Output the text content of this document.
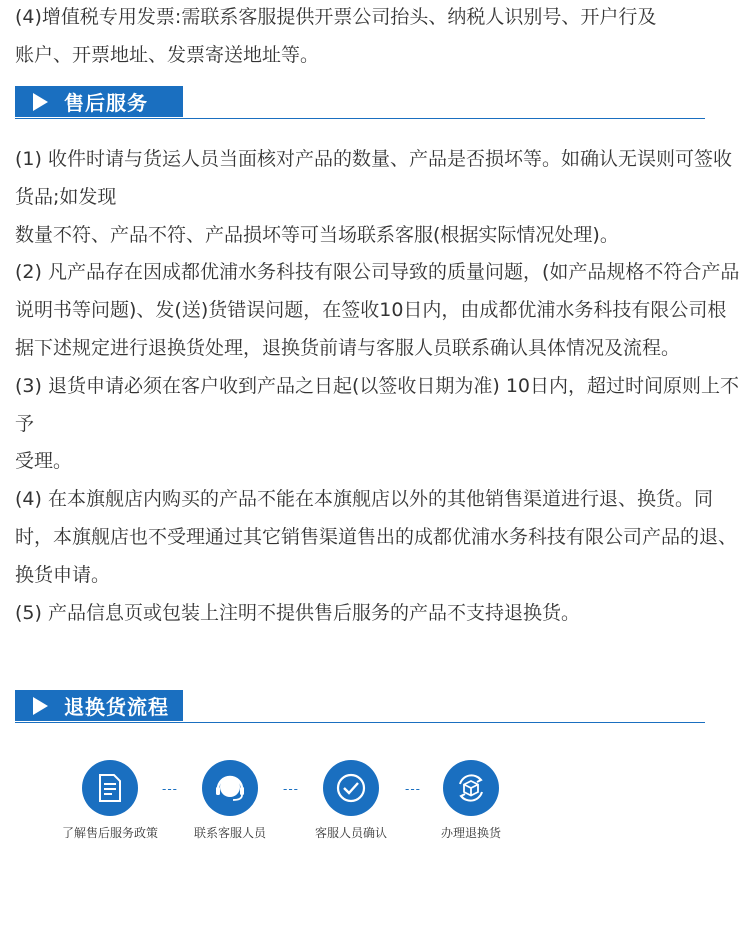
(4)增值税专用发票:需联系客服提供开票公司抬头、纳税人识别号、开户行及
账户、开票地址、发票寄送地址等。
售后服务

(1) 收件时请与货运人员当面核对产品的数量、产品是否损坏等。如确认无误则可签收货品;如发现

数量不符、产品不符、产品损坏等可当场联系客服(根据实际情况处理)。

(2) 凡产品存在因成都优浦水务科技有限公司导致的质量问题，(如产品规格不符合产品说明书等问题)、发(送)货错误问题，在签收10日内，由成都优浦水务科技有限公司根据下述规定进行退换货处理，退换货前请与客服人员联系确认具体情况及流程。

(3) 退货申请必须在客户收到产品之日起(以签收日期为准) 10日内，超过时间原则上不予

受理。

(4) 在本旗舰店内购买的产品不能在本旗舰店以外的其他销售渠道进行退、换货。同时，本旗舰店也不受理通过其它销售渠道售出的成都优浦水务科技有限公司产品的退、换货申请。

(5) 产品信息页或包装上注明不提供售后服务的产品不支持退换货。

退换货流程
了解售后服务政策
---
联系客服人员
---
客服人员确认
---
办理退换货
